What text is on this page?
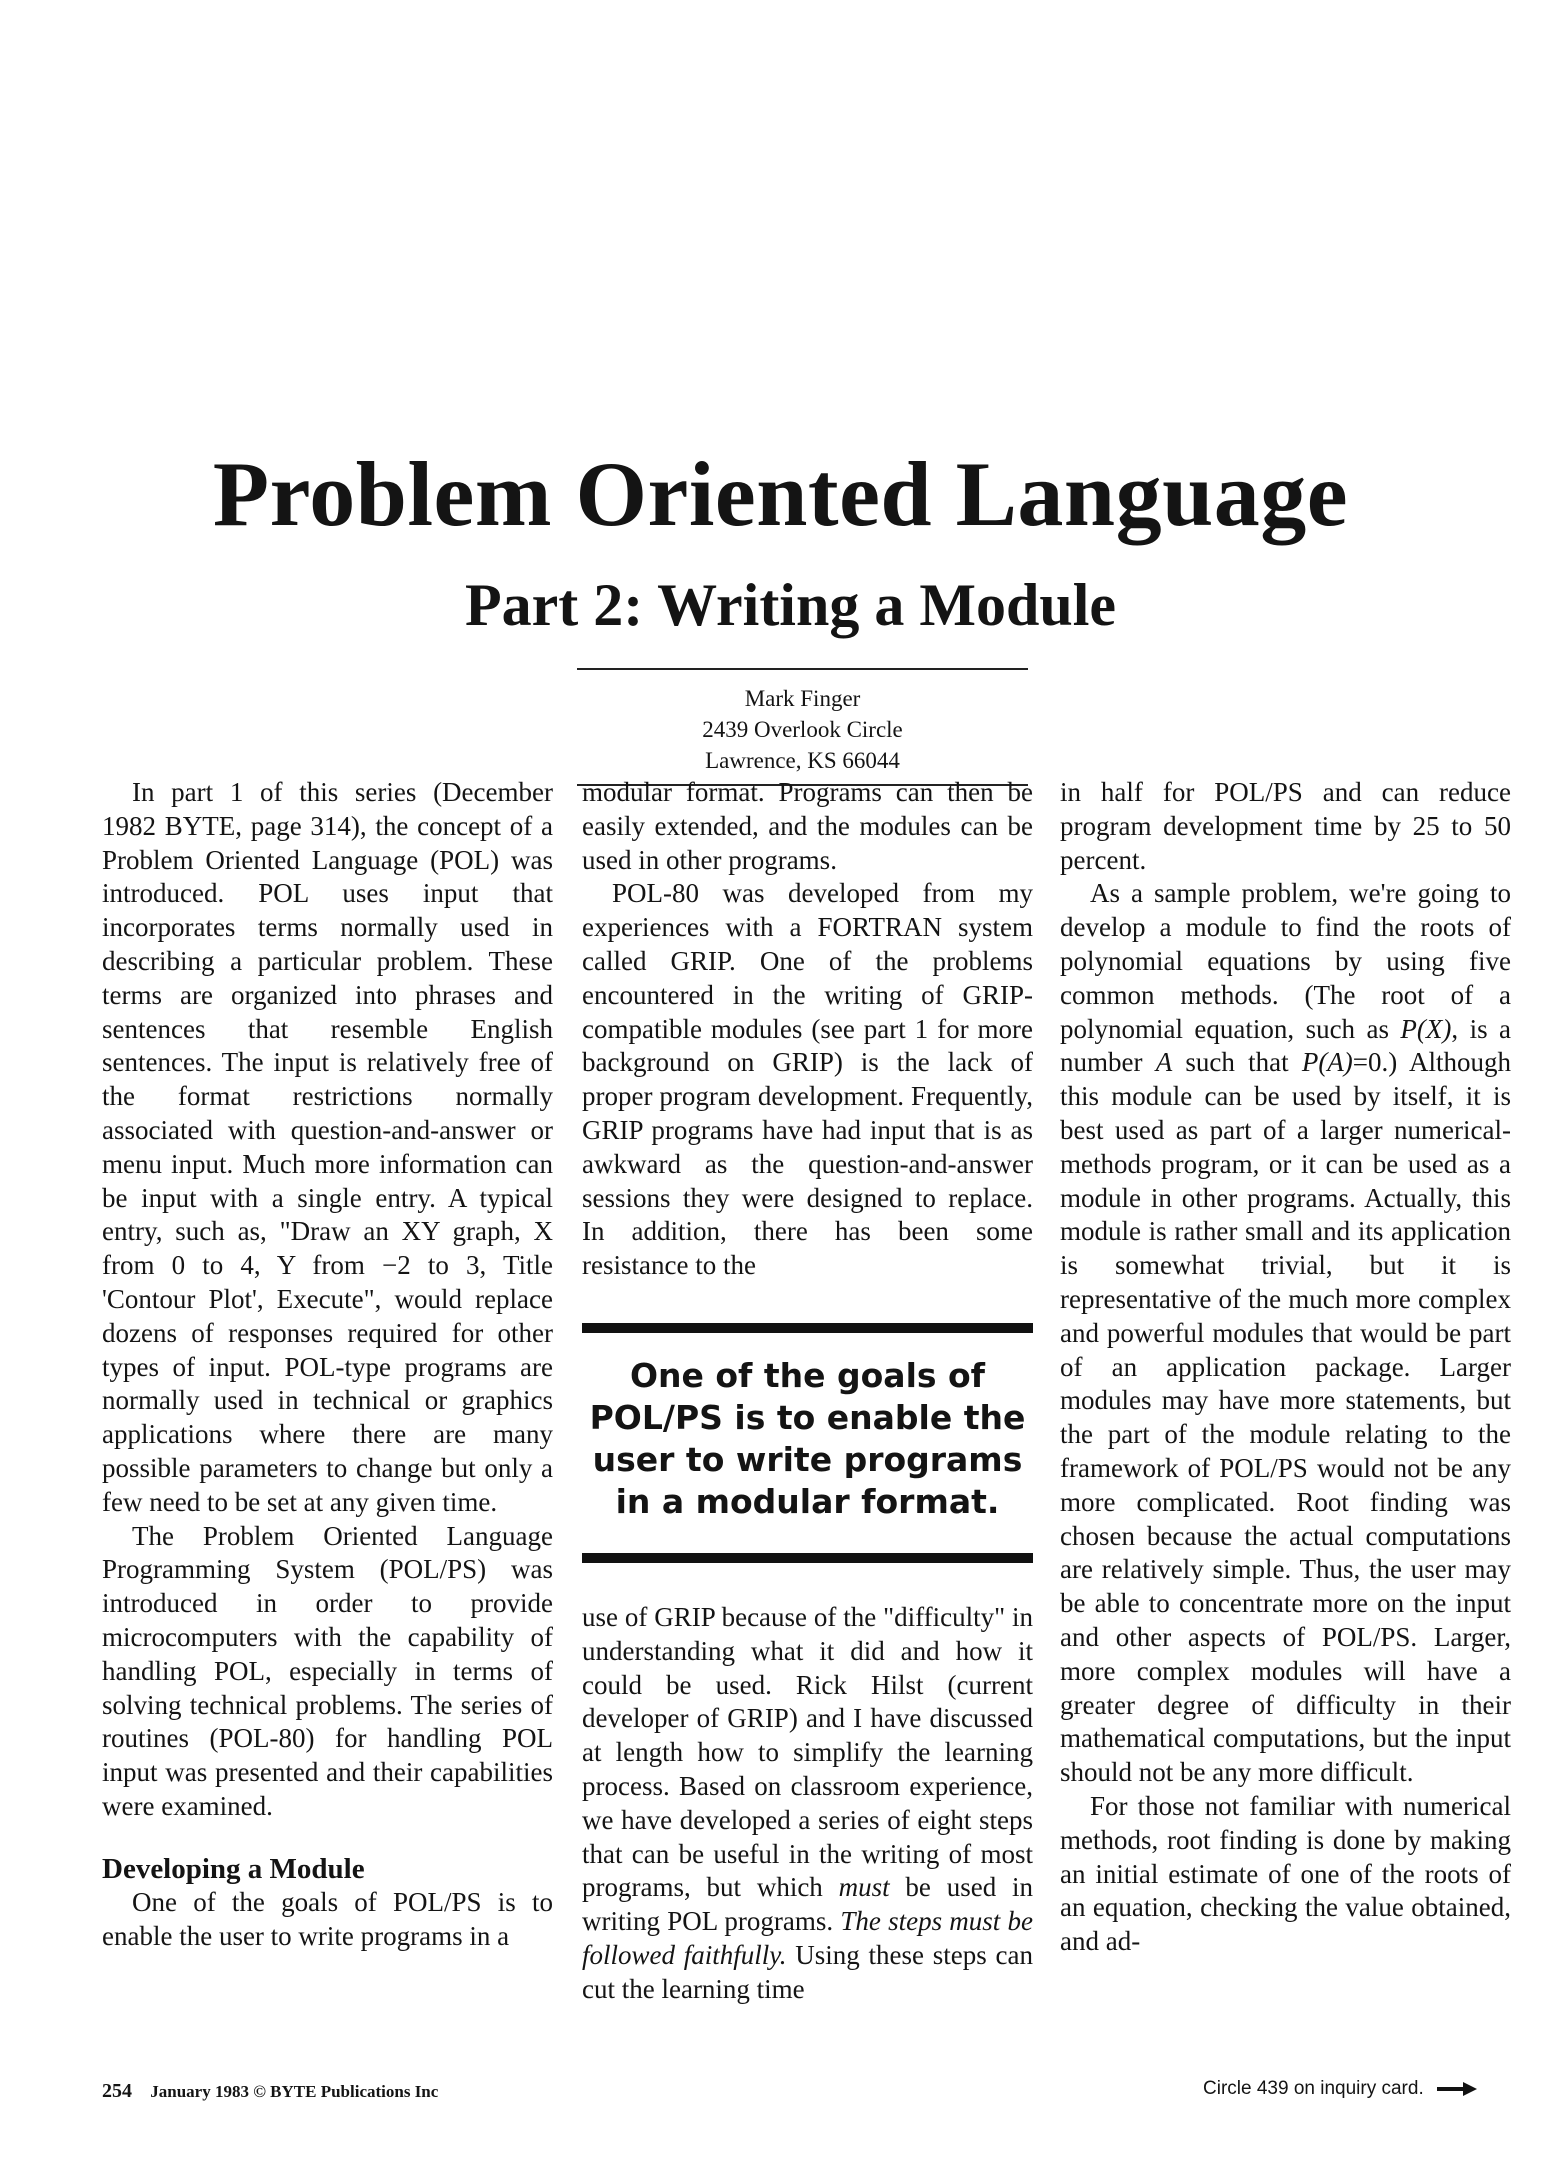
Problem Oriented Language
Part 2: Writing a Module
Mark Finger
2439 Overlook Circle
Lawrence, KS 66044

In part 1 of this series (December 1982 BYTE, page 314), the concept of a Problem Oriented Language (POL) was introduced. POL uses input that incorporates terms normally used in describing a particular problem. These terms are organized into phrases and sentences that resemble English sentences. The input is relatively free of the format restrictions normally associated with question-and-answer or menu input. Much more information can be input with a single entry. A typical entry, such as, "Draw an XY graph, X from 0 to 4, Y from −2 to 3, Title 'Contour Plot', Execute", would replace dozens of responses required for other types of input. POL-type programs are normally used in technical or graphics applications where there are many possible parameters to change but only a few need to be set at any given time.

The Problem Oriented Language Programming System (POL/PS) was introduced in order to provide microcomputers with the capability of handling POL, especially in terms of solving technical problems. The series of routines (POL-80) for handling POL input was presented and their capabilities were examined.

Developing a Module

One of the goals of POL/PS is to enable the user to write programs in a

modular format. Programs can then be easily extended, and the modules can be used in other programs.

POL-80 was developed from my experiences with a FORTRAN system called GRIP. One of the problems encountered in the writing of GRIP-compatible modules (see part 1 for more background on GRIP) is the lack of proper program development. Frequently, GRIP programs have had input that is as awkward as the question-and-answer sessions they were designed to replace. In addition, there has been some resistance to the

One of the goals of POL/PS is to enable the user to write programs in a modular format.

use of GRIP because of the "difficulty" in understanding what it did and how it could be used. Rick Hilst (current developer of GRIP) and I have discussed at length how to simplify the learning process. Based on classroom experience, we have developed a series of eight steps that can be useful in the writing of most programs, but which must be used in writing POL programs. The steps must be followed faithfully. Using these steps can cut the learning time

in half for POL/PS and can reduce program development time by 25 to 50 percent.

As a sample problem, we're going to develop a module to find the roots of polynomial equations by using five common methods. (The root of a polynomial equation, such as P(X), is a number A such that P(A)=0.) Although this module can be used by itself, it is best used as part of a larger numerical-methods program, or it can be used as a module in other programs. Actually, this module is rather small and its application is somewhat trivial, but it is representative of the much more complex and powerful modules that would be part of an application package. Larger modules may have more statements, but the part of the module relating to the framework of POL/PS would not be any more complicated. Root finding was chosen because the actual computations are relatively simple. Thus, the user may be able to concentrate more on the input and other aspects of POL/PS. Larger, more complex modules will have a greater degree of difficulty in their mathematical computations, but the input should not be any more difficult.

For those not familiar with numerical methods, root finding is done by making an initial estimate of one of the roots of an equation, checking the value obtained, and ad-

254 January 1983 © BYTE Publications Inc	Circle 439 on inquiry card.
